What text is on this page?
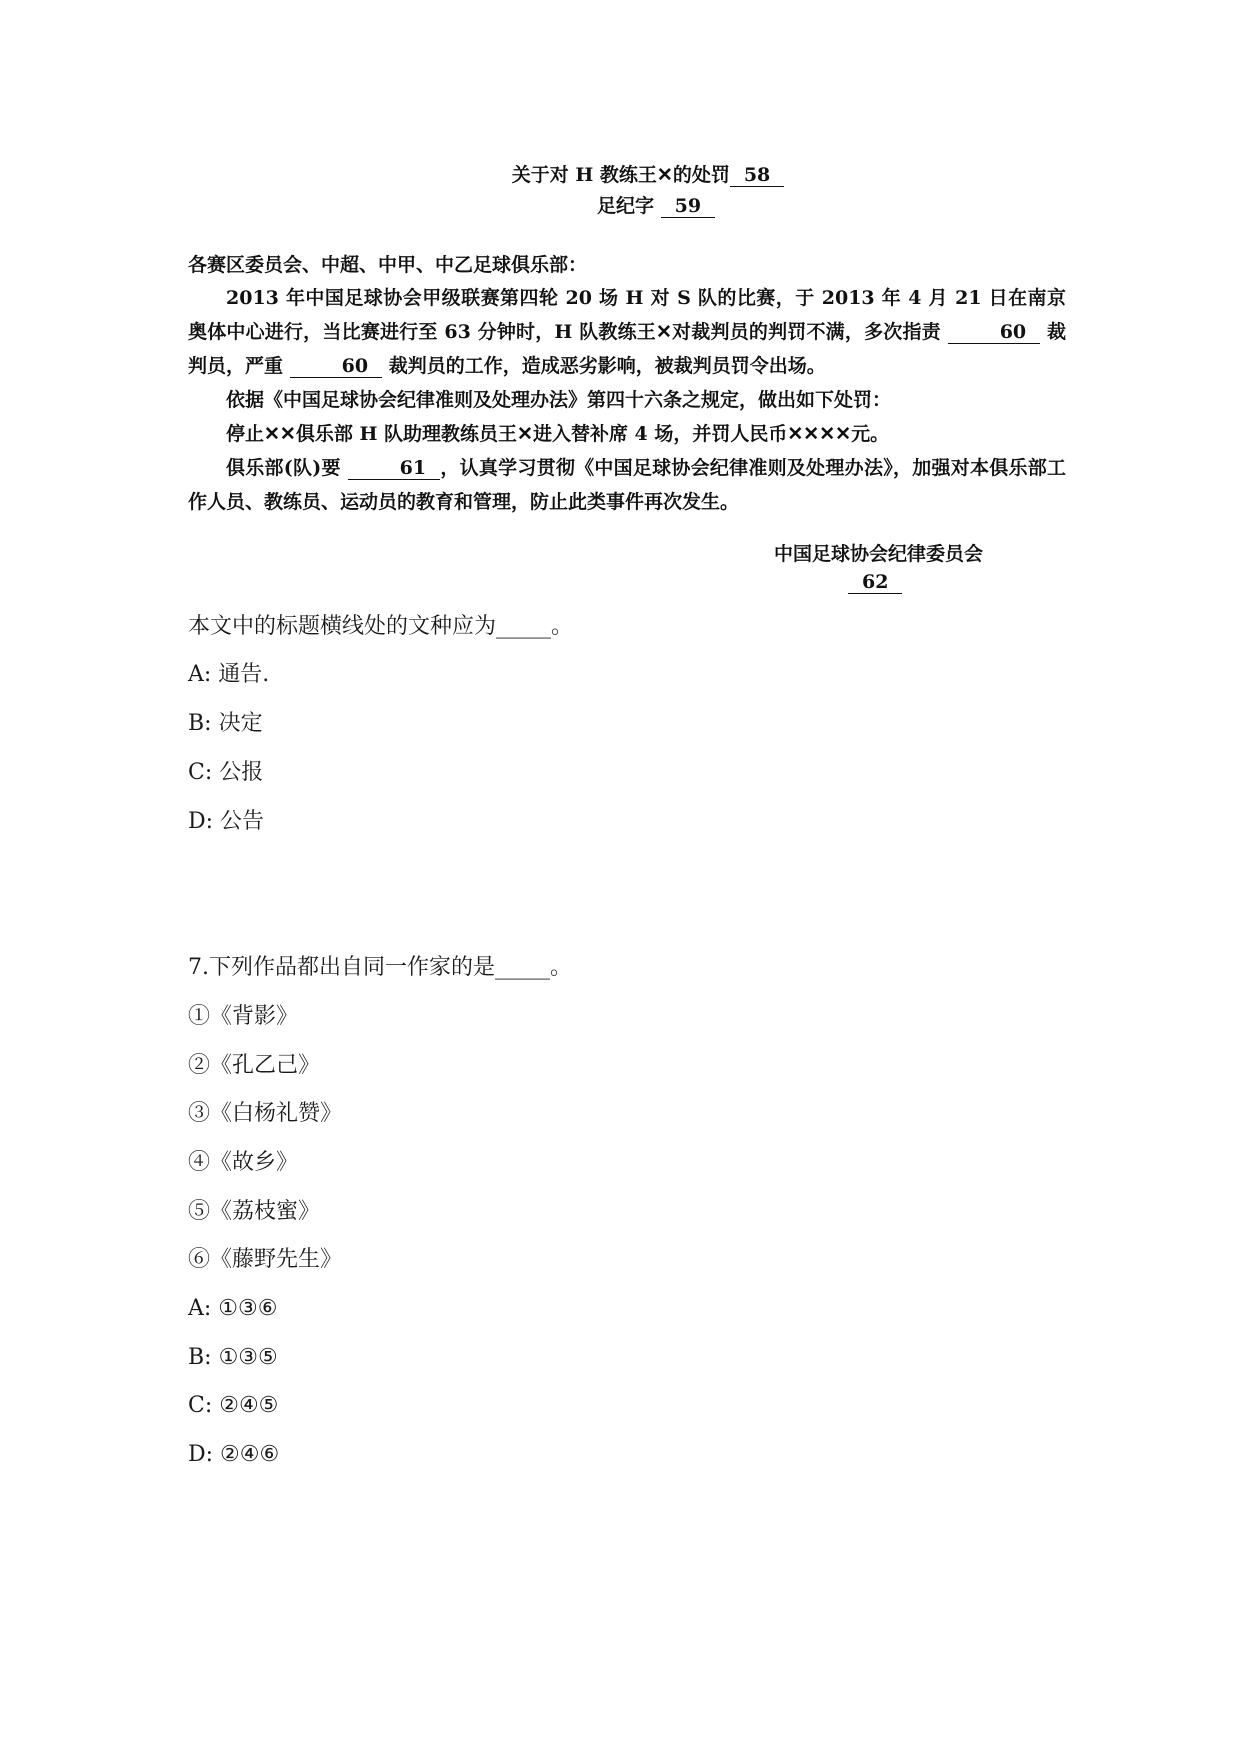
关于对 H 教练王✕的处罚 58
足纪字 59
各赛区委员会、中超、中甲、中乙足球俱乐部：
2013 年中国足球协会甲级联赛第四轮 20 场 H 对 S 队的比赛，于 2013 年 4 月 21 日在南京奥体中心进行，当比赛进行至 63 分钟时，H 队教练王✕对裁判员的判罚不满，多次指责	60 裁判员，严重	60 裁判员的工作，造成恶劣影响，被裁判员罚令出场。
依据《中国足球协会纪律准则及处理办法》第四十六条之规定，做出如下处罚：
停止✕✕俱乐部 H 队助理教练员王✕进入替补席 4 场，并罚人民币✕✕✕✕元。
俱乐部(队)要	61 ，认真学习贯彻《中国足球协会纪律准则及处理办法》，加强对本俱乐部工作人员、教练员、运动员的教育和管理，防止此类事件再次发生。
中国足球协会纪律委员会
62
本文中的标题横线处的文种应为_____。
A: 通告.
B: 决定
C: 公报
D: 公告
7.下列作品都出自同一作家的是_____。
①《背影》
②《孔乙己》
③《白杨礼赞》
④《故乡》
⑤《荔枝蜜》
⑥《藤野先生》
A: ①③⑥
B: ①③⑤
C: ②④⑤
D: ②④⑥
